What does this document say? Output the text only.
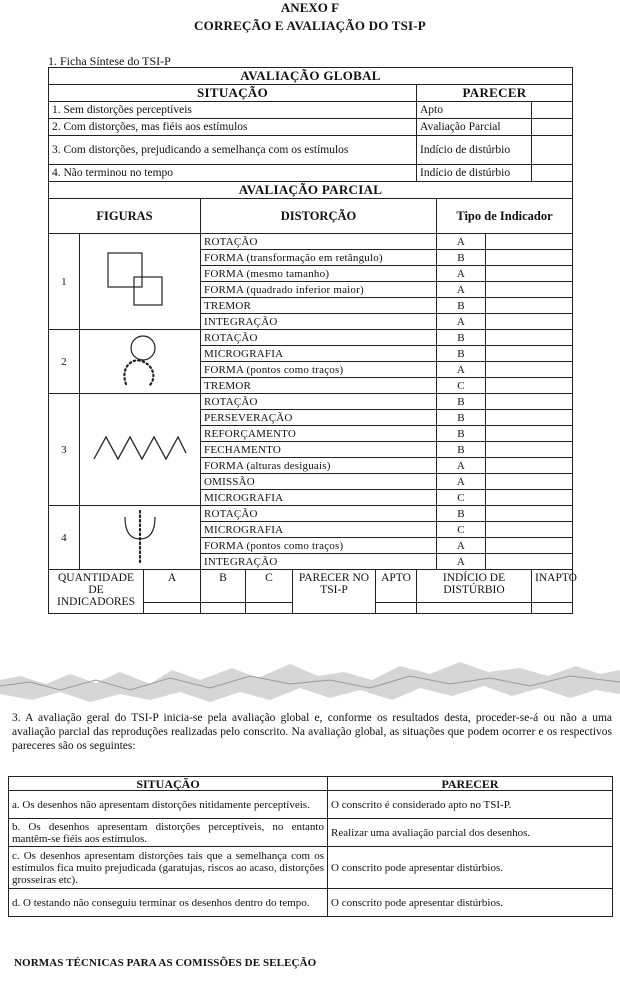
ANEXO F
CORREÇÃO E AVALIAÇÃO DO TSI-P
1. Ficha Síntese do TSI-P
AVALIAÇÃO GLOBAL										
SITUAÇÃO							PARECER			
1. Sem distorções perceptíveis							Apto			
2. Com distorções, mas fiéis aos estímulos							Avaliação Parcial			
3. Com distorções, prejudicando a semelhança com os estímulos							Indício de distúrbio			
4. Não terminou no tempo							Indício de distúrbio			
AVALIAÇÃO PARCIAL										
FIGURAS			DISTORÇÃO					Tipo de Indicador		
1			ROTAÇÃO					A		
			FORMA (transformação em retângulo)					B		
			FORMA (mesmo tamanho)					A		
			FORMA (quadrado inferior maior)					A		
			TREMOR					B		
			INTEGRAÇÃO					A		
2			ROTAÇÃO					B		
			MICROGRAFIA					B		
			FORMA (pontos como traços)					A		
			TREMOR					C		
3			ROTAÇÃO					B		
			PERSEVERAÇÃO					B		
			REFORÇAMENTO					B		
			FECHAMENTO					B		
			FORMA (alturas desiguais)					A		
			OMISSÃO					A		
			MICROGRAFIA					C		
4			ROTAÇÃO					B		
			MICROGRAFIA					C		
			FORMA (pontos como traços)					A		
			INTEGRAÇÃO					A		
QUANTIDADE DE INDICADORES		A	B	C	PARECER NO TSI-P	APTO	INDÍCIO DE DISTÚRBIO			INAPTO

3. A avaliação geral do TSI-P inicia-se pela avaliação global e, conforme os resultados desta, proceder-se-á ou não a uma avaliação parcial das reproduções realizadas pelo conscrito. Na avaliação global, as situações que podem ocorrer e os respectivos pareceres são os seguintes:
SITUAÇÃO	PARECER
a. Os desenhos não apresentam distorções nitidamente perceptíveis.	O conscrito é considerado apto no TSI-P.
b. Os desenhos apresentam distorções perceptíveis, no entanto mantêm-se fiéis aos estímulos.	Realizar uma avaliação parcial dos desenhos.
c. Os desenhos apresentam distorções tais que a semelhança com os estímulos fica muito prejudicada (garatujas, riscos ao acaso, distorções grosseiras etc).	O conscrito pode apresentar distúrbios.
d. O testando não conseguiu terminar os desenhos dentro do tempo.	O conscrito pode apresentar distúrbios.
NORMAS TÉCNICAS PARA AS COMISSÕES DE SELEÇÃO
